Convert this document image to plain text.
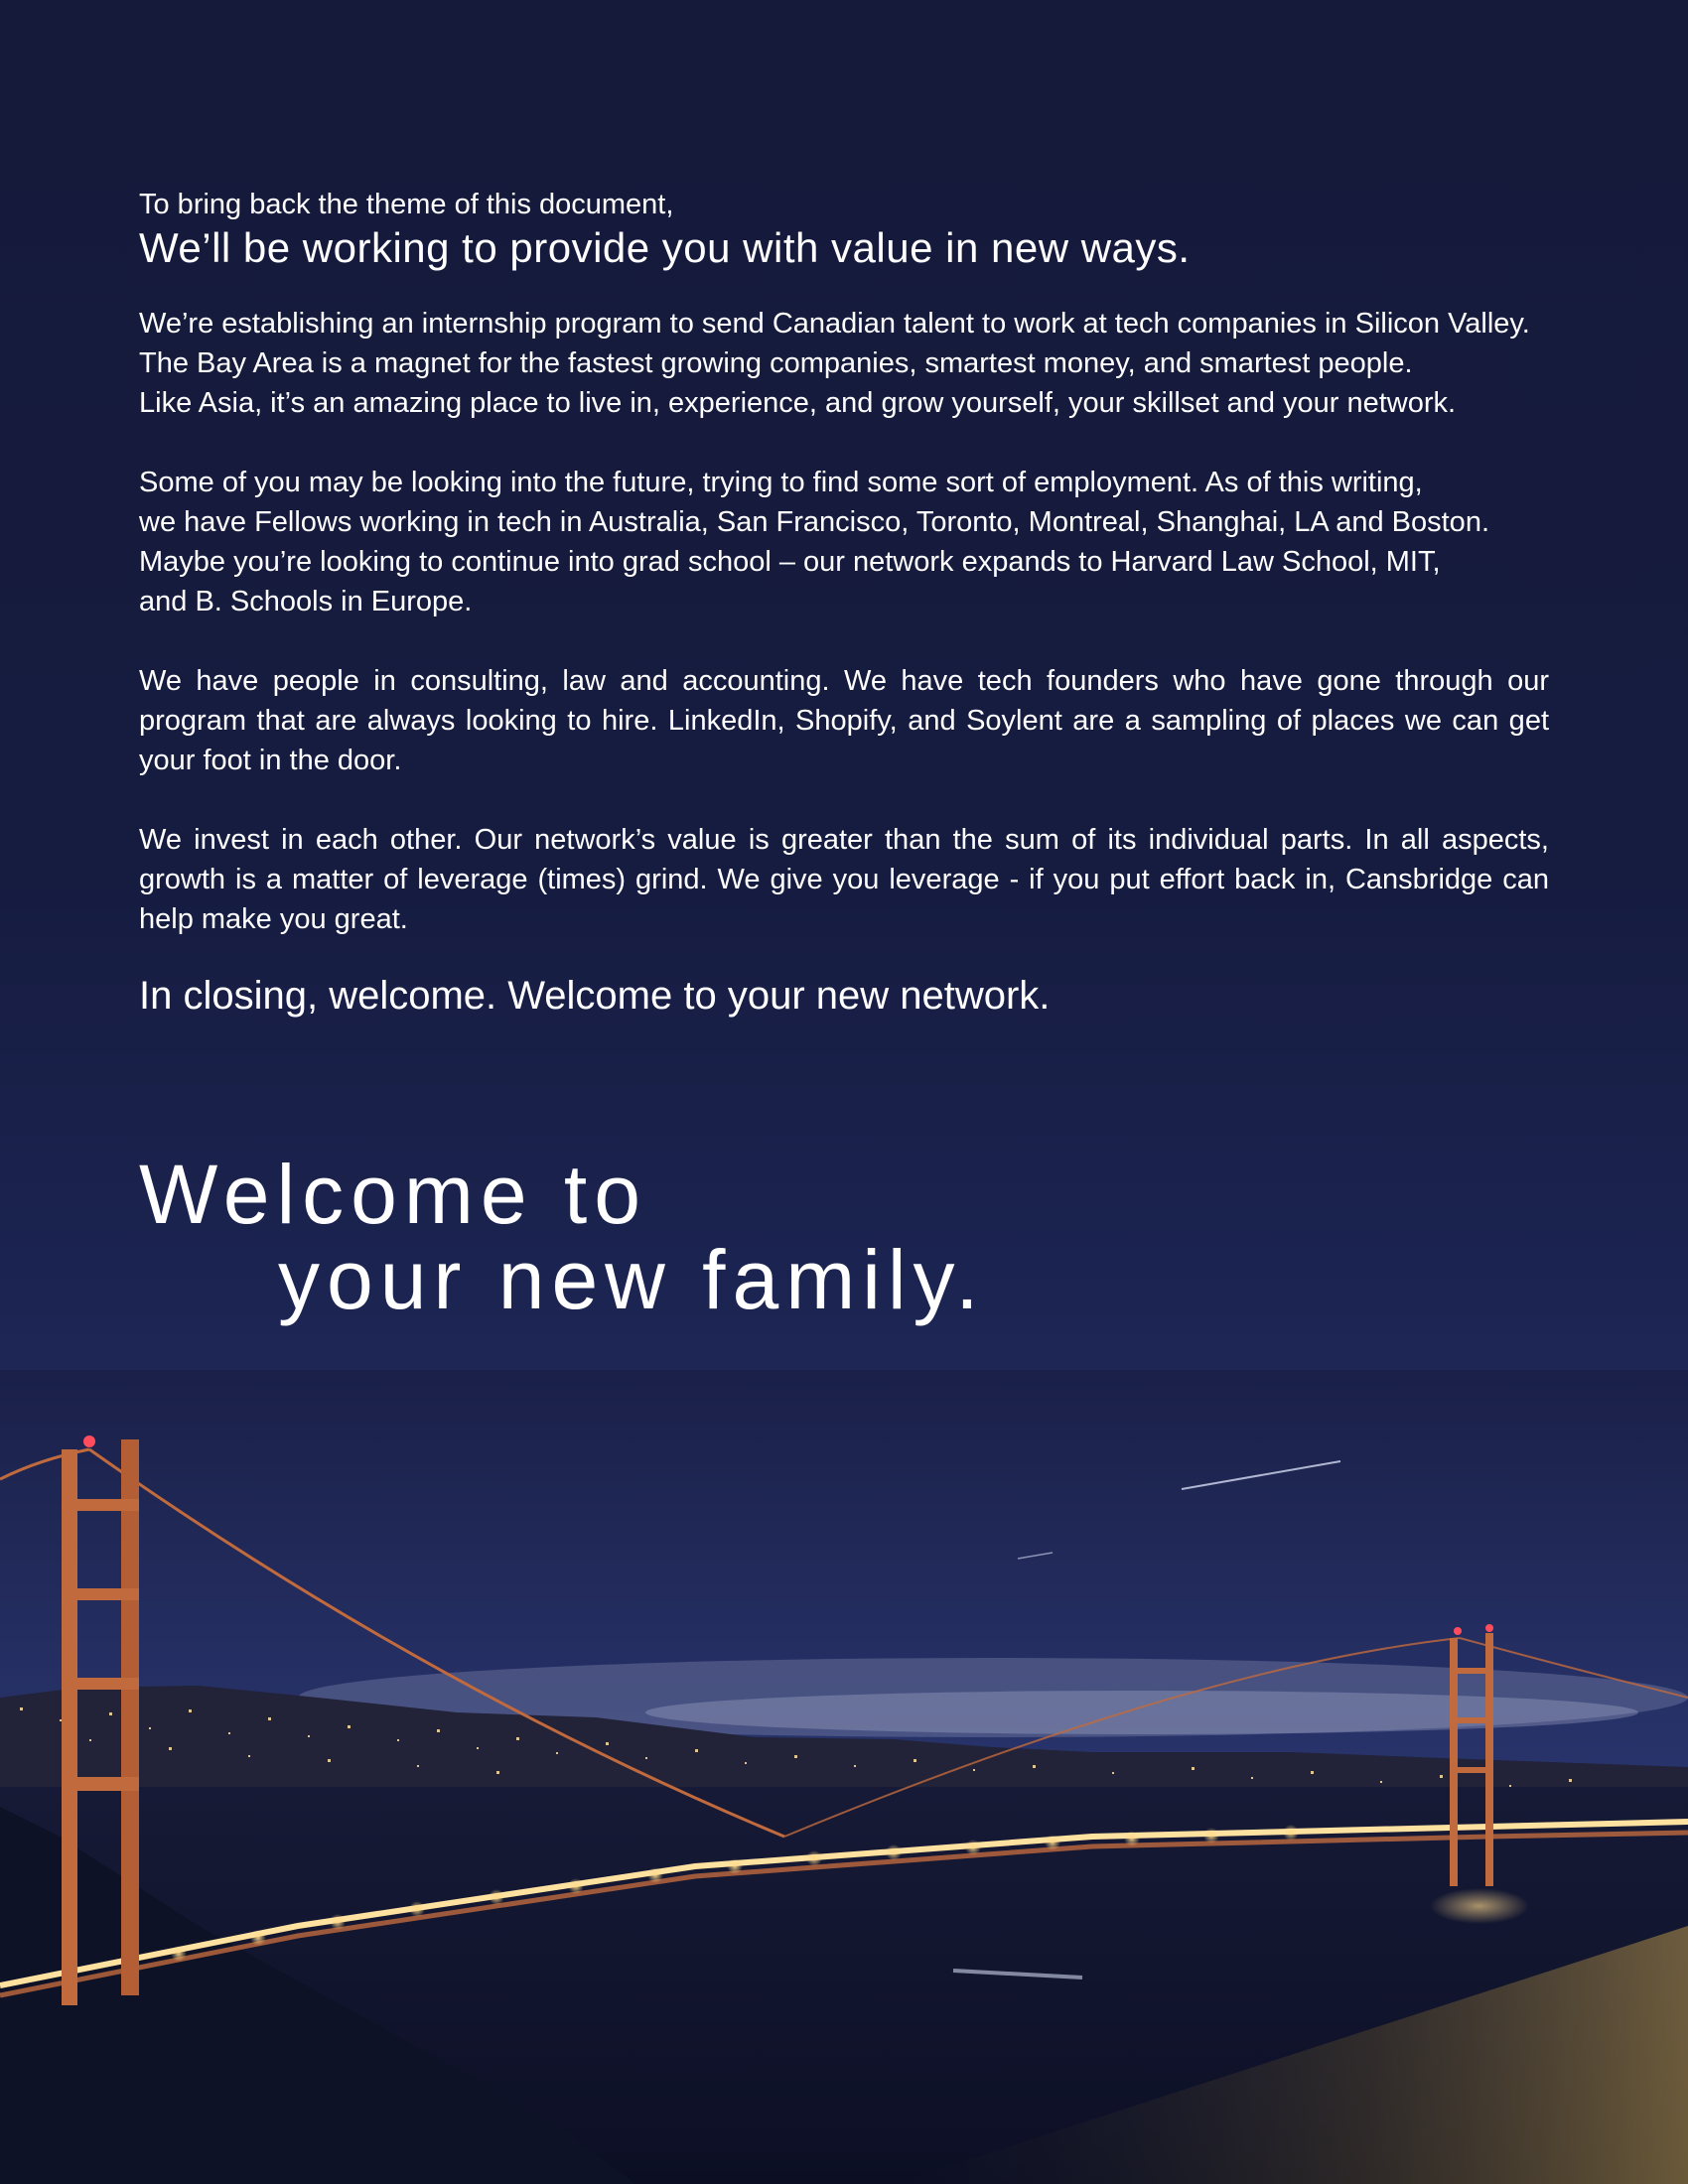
To bring back the theme of this document,

We’ll be working to provide you with value in new ways.
We’re establishing an internship program to send Canadian talent to work at tech companies in Silicon Valley.
The Bay Area is a magnet for the fastest growing companies, smartest money, and smartest people.
Like Asia, it’s an amazing place to live in, experience, and grow yourself, your skillset and your network.
Some of you may be looking into the future, trying to find some sort of employment. As of this writing,
we have Fellows working in tech in Australia, San Francisco, Toronto, Montreal, Shanghai, LA and Boston.
Maybe you’re looking to continue into grad school – our network expands to Harvard Law School, MIT,
and B. Schools in Europe.

We have people in consulting, law and accounting. We have tech founders who have gone through our program that are always looking to hire. LinkedIn, Shopify, and Soylent are a sampling of places we can get your foot in the door.

We invest in each other. Our network’s value is greater than the sum of its individual parts. In all aspects, growth is a matter of leverage (times) grind. We give you leverage - if you put effort back in, Cansbridge can help make you great.

In closing, welcome. Welcome to your new network.

Welcome to
your new family.
